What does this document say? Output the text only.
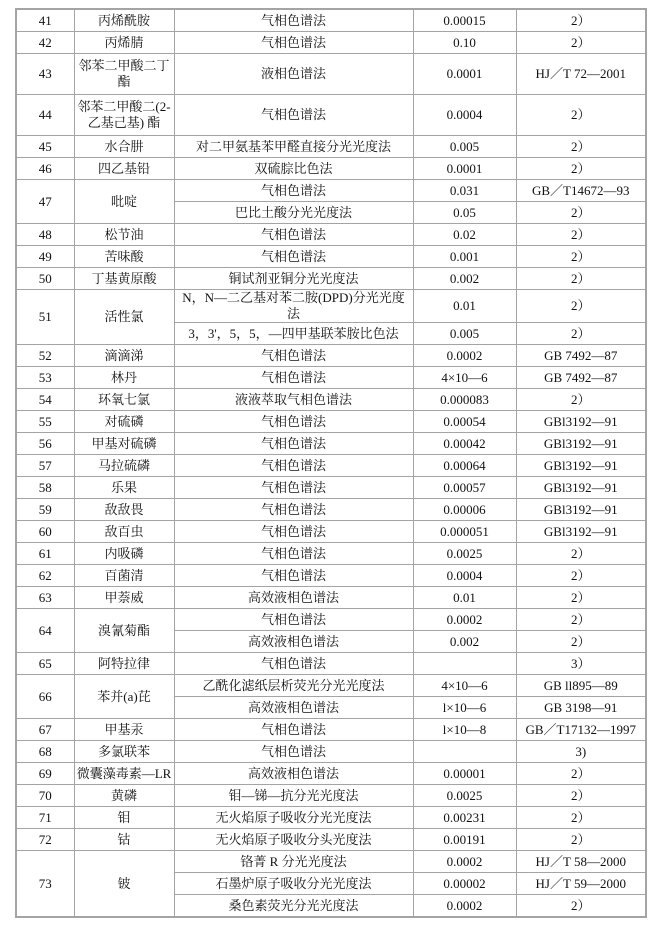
41	丙烯酰胺	气相色谱法	0.00015	2）
42	丙烯腈	气相色谱法	0.10	2）
43	邻苯二甲酸二丁酯	液相色谱法	0.0001	HJ／T 72—2001
44	邻苯二甲酸二(2-乙基己基) 酯	气相色谱法	0.0004	2）
45	水合肼	对二甲氨基苯甲醛直接分光光度法	0.005	2）
46	四乙基铅	双硫腙比色法	0.0001	2）
47	吡啶	气相色谱法	0.031	GB／T14672—93
		巴比土酸分光光度法	0.05	2）
48	松节油	气相色谱法	0.02	2）
49	苦味酸	气相色谱法	0.001	2）
50	丁基黄原酸	铜试剂亚铜分光光度法	0.002	2）
51	活性氯	N，N—二乙基对苯二胺(DPD)分光光度法	0.01	2）
		3，3'，5，5，—四甲基联苯胺比色法	0.005	2）
52	滴滴涕	气相色谱法	0.0002	GB 7492—87
53	林丹	气相色谱法	4×10—6	GB 7492—87
54	环氧七氯	液液萃取气相色谱法	0.000083	2）
55	对硫磷	气相色谱法	0.00054	GBl3192—91
56	甲基对硫磷	气相色谱法	0.00042	GBl3192—91
57	马拉硫磷	气相色谱法	0.00064	GBl3192—91
58	乐果	气相色谱法	0.00057	GBl3192—91
59	敌敌畏	气相色谱法	0.00006	GBl3192—91
60	敌百虫	气相色谱法	0.000051	GBl3192—91
61	内吸磷	气相色谱法	0.0025	2）
62	百菌清	气相色谱法	0.0004	2）
63	甲萘威	高效液相色谱法	0.01	2）
64	溴氰菊酯	气相色谱法	0.0002	2）
		高效液相色谱法	0.002	2）
65	阿特拉律	气相色谱法		3）
66	苯并(a)芘	乙酰化滤纸层析荧光分光光度法	4×10—6	GB ll895—89
		高效液相色谱法	l×10—6	GB 3198—91
67	甲基汞	气相色谱法	l×10—8	GB／T17132—1997
68	多氯联苯	气相色谱法		3)
69	微囊藻毒素—LR	高效液相色谱法	0.00001	2）
70	黄磷	钼—锑—抗分光光度法	0.0025	2）
71	钼	无火焰原子吸收分光光度法	0.00231	2）
72	钴	无火焰原子吸收分头光度法	0.00191	2）
73	铍	铬菁 R 分光光度法	0.0002	HJ／T 58—2000
		石墨炉原子吸收分光光度法	0.00002	HJ／T 59—2000
		桑色素荧光分光光度法	0.0002	2）
